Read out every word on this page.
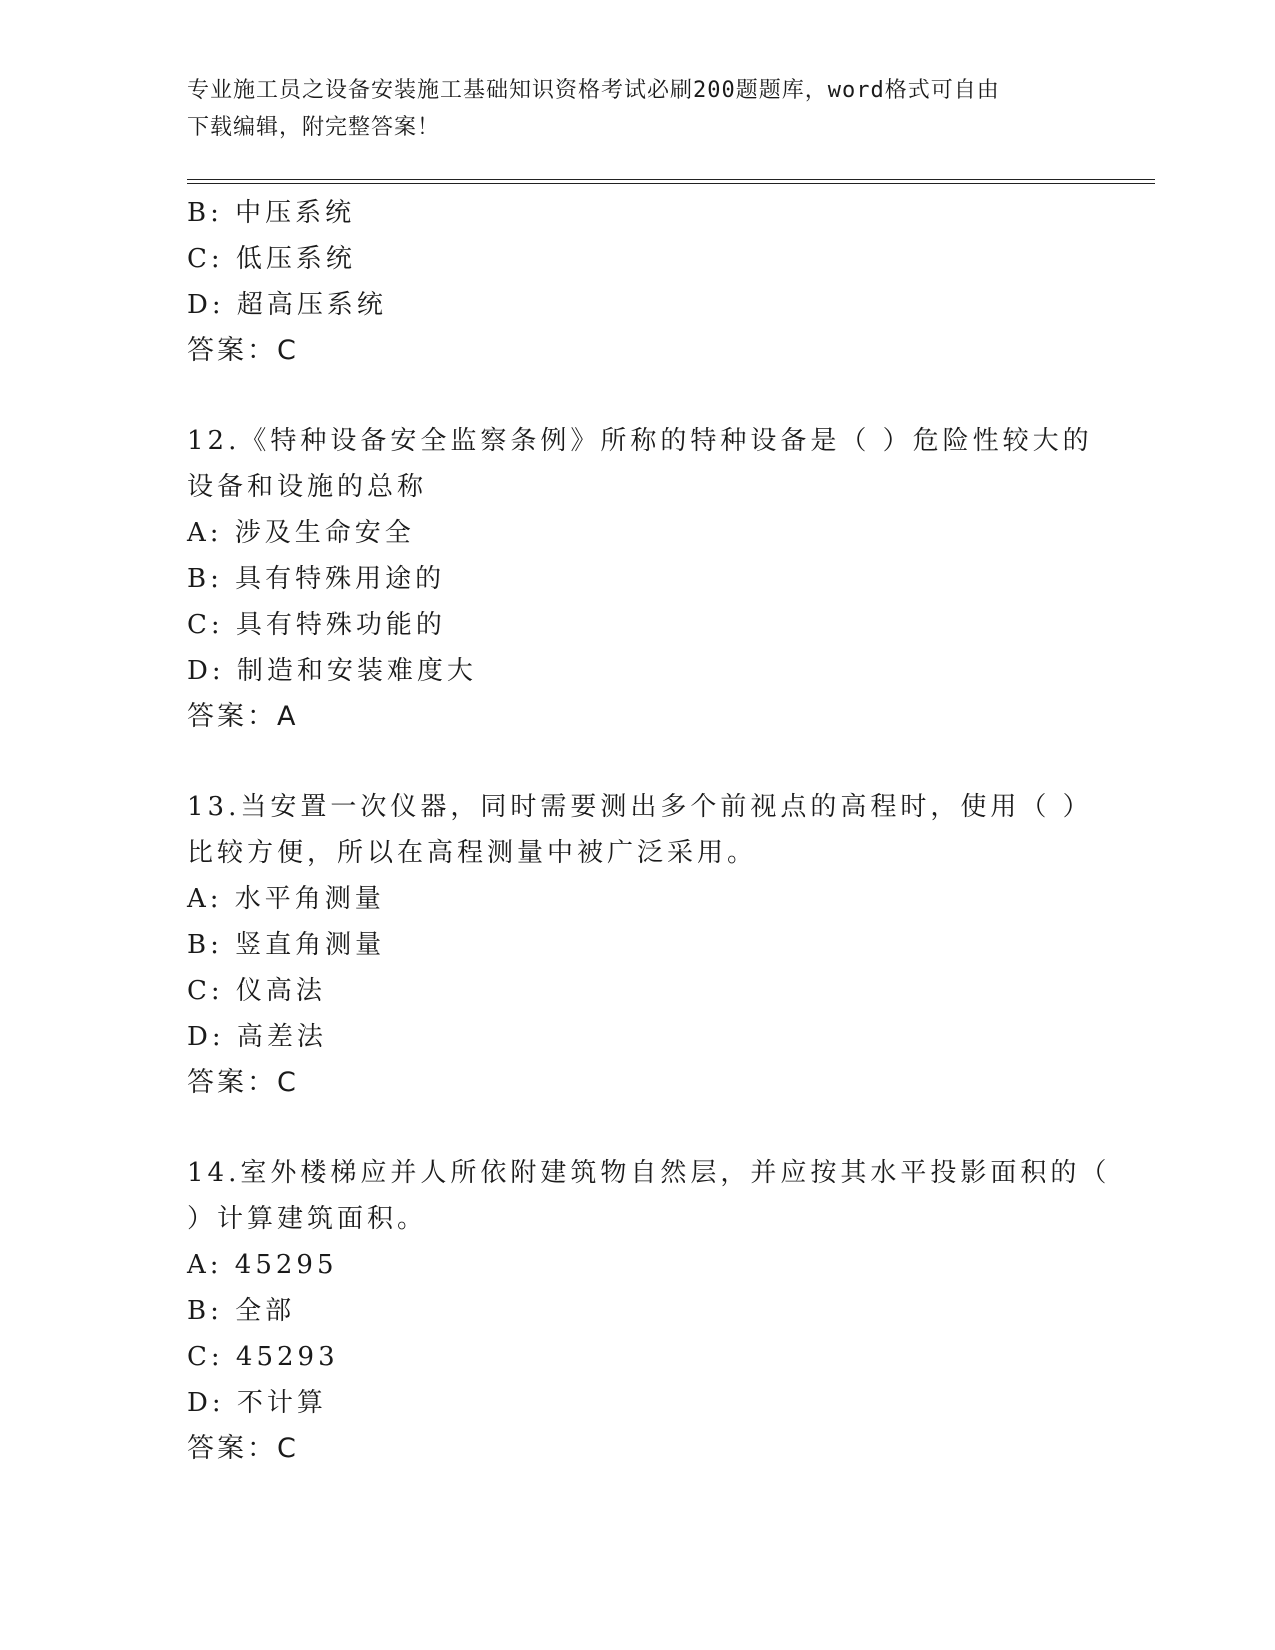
专业施工员之设备安装施工基础知识资格考试必刷200题题库，word格式可自由
下载编辑，附完整答案！
B: 中压系统
C: 低压系统
D: 超高压系统
答案：C
12.《特种设备安全监察条例》所称的特种设备是（ ）危险性较大的
设备和设施的总称
A: 涉及生命安全
B: 具有特殊用途的
C: 具有特殊功能的
D: 制造和安装难度大
答案：A
13.当安置一次仪器，同时需要测出多个前视点的高程时，使用（ ）
比较方便，所以在高程测量中被广泛采用。
A: 水平角测量
B: 竖直角测量
C: 仪高法
D: 高差法
答案：C
14.室外楼梯应并人所依附建筑物自然层，并应按其水平投影面积的（
）计算建筑面积。
A: 45295
B: 全部
C: 45293
D: 不计算
答案：C
